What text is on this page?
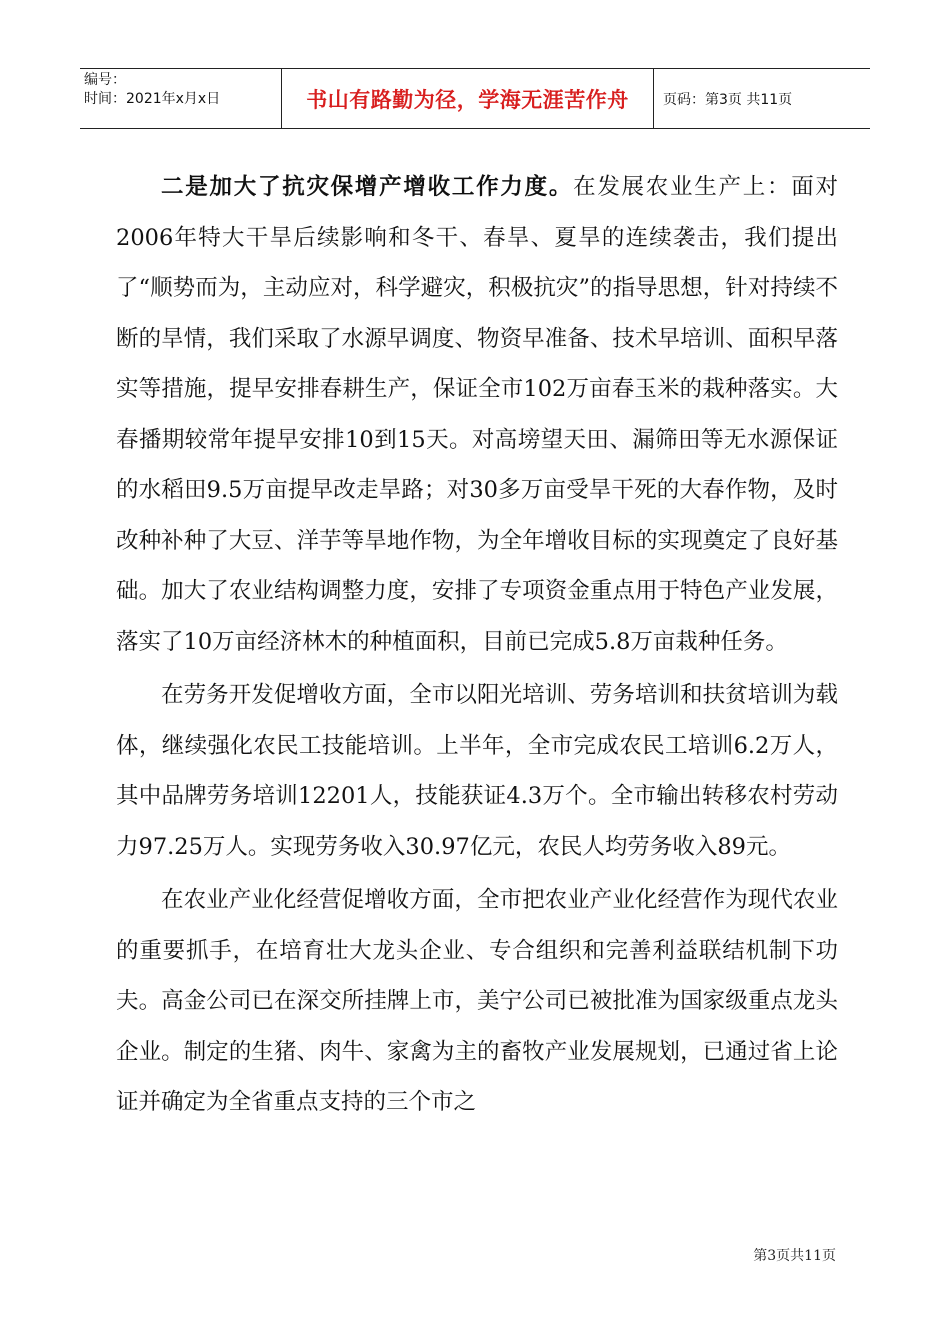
编号：
时间：2021年x月x日	书山有路勤为径，学海无涯苦作舟	页码：第3页 共11页

二是加大了抗灾保增产增收工作力度。在发展农业生产上：面对2006年特大干旱后续影响和冬干、春旱、夏旱的连续袭击，我们提出了“顺势而为，主动应对，科学避灾，积极抗灾”的指导思想，针对持续不断的旱情，我们采取了水源早调度、物资早准备、技术早培训、面积早落实等措施，提早安排春耕生产，保证全市102万亩春玉米的栽种落实。大春播期较常年提早安排10到15天。对高塝望天田、漏筛田等无水源保证的水稻田9.5万亩提早改走旱路；对30多万亩受旱干死的大春作物，及时改种补种了大豆、洋芋等旱地作物，为全年增收目标的实现奠定了良好基础。加大了农业结构调整力度，安排了专项资金重点用于特色产业发展，落实了10万亩经济林木的种植面积，目前已完成5.8万亩栽种任务。

在劳务开发促增收方面，全市以阳光培训、劳务培训和扶贫培训为载体，继续强化农民工技能培训。上半年，全市完成农民工培训6.2万人，其中品牌劳务培训12201人，技能获证4.3万个。全市输出转移农村劳动力97.25万人。实现劳务收入30.97亿元，农民人均劳务收入89元。

在农业产业化经营促增收方面，全市把农业产业化经营作为现代农业的重要抓手，在培育壮大龙头企业、专合组织和完善利益联结机制下功夫。高金公司已在深交所挂牌上市，美宁公司已被批准为国家级重点龙头企业。制定的生猪、肉牛、家禽为主的畜牧产业发展规划，已通过省上论证并确定为全省重点支持的三个市之

第3页共11页
